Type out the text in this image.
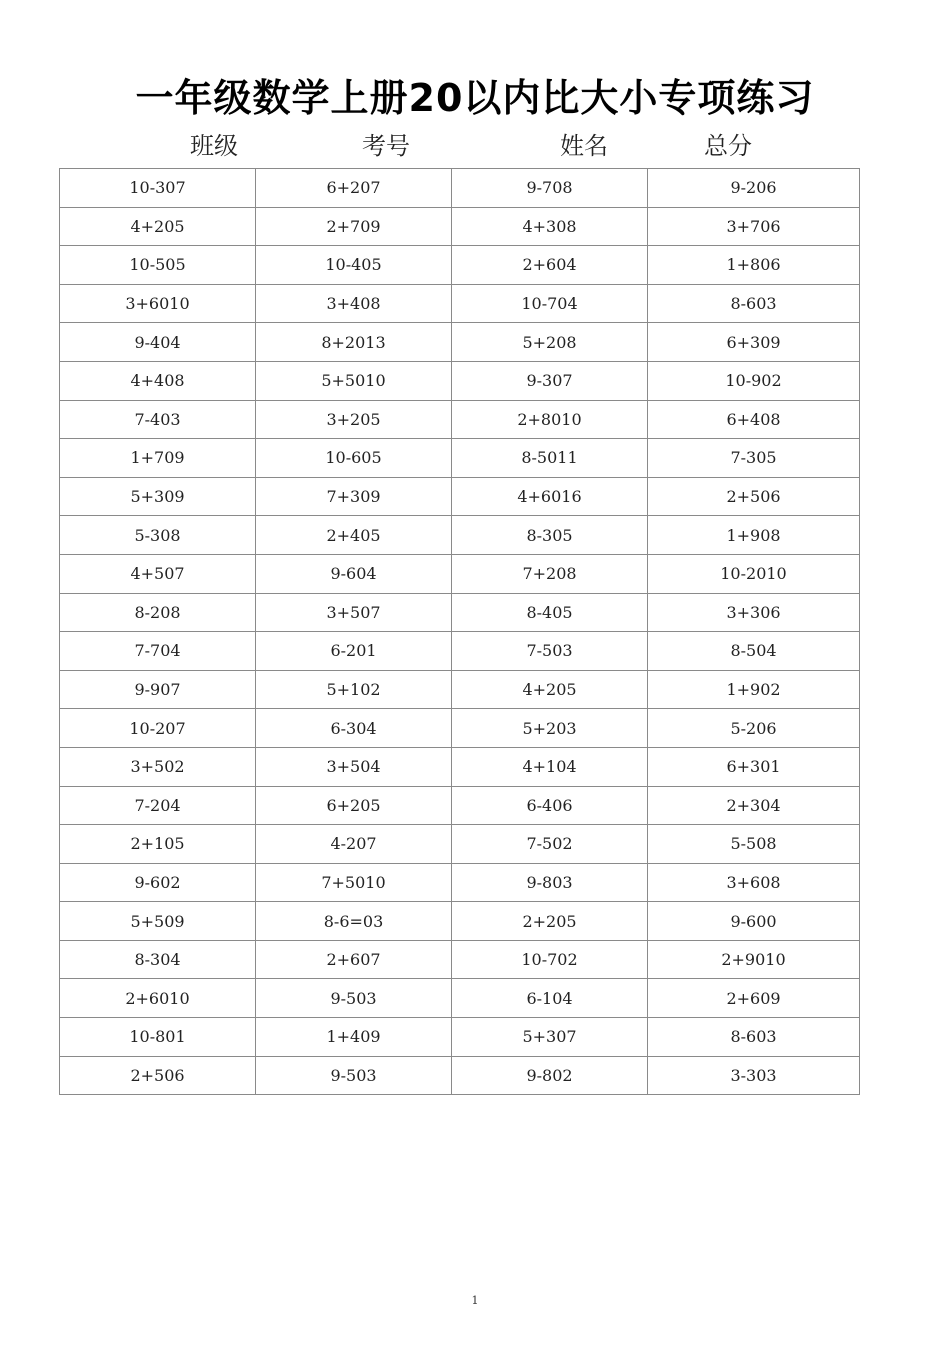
一年级数学上册20以内比大小专项练习
班级	考号	姓名	总分
10-307	6+207	9-708	9-206
4+205	2+709	4+308	3+706
10-505	10-405	2+604	1+806
3+6010	3+408	10-704	8-603
9-404	8+2013	5+208	6+309
4+408	5+5010	9-307	10-902
7-403	3+205	2+8010	6+408
1+709	10-605	8-5011	7-305
5+309	7+309	4+6016	2+506
5-308	2+405	8-305	1+908
4+507	9-604	7+208	10-2010
8-208	3+507	8-405	3+306
7-704	6-201	7-503	8-504
9-907	5+102	4+205	1+902
10-207	6-304	5+203	5-206
3+502	3+504	4+104	6+301
7-204	6+205	6-406	2+304
2+105	4-207	7-502	5-508
9-602	7+5010	9-803	3+608
5+509	8-6=03	2+205	9-600
8-304	2+607	10-702	2+9010
2+6010	9-503	6-104	2+609
10-801	1+409	5+307	8-603
2+506	9-503	9-802	3-303
1
